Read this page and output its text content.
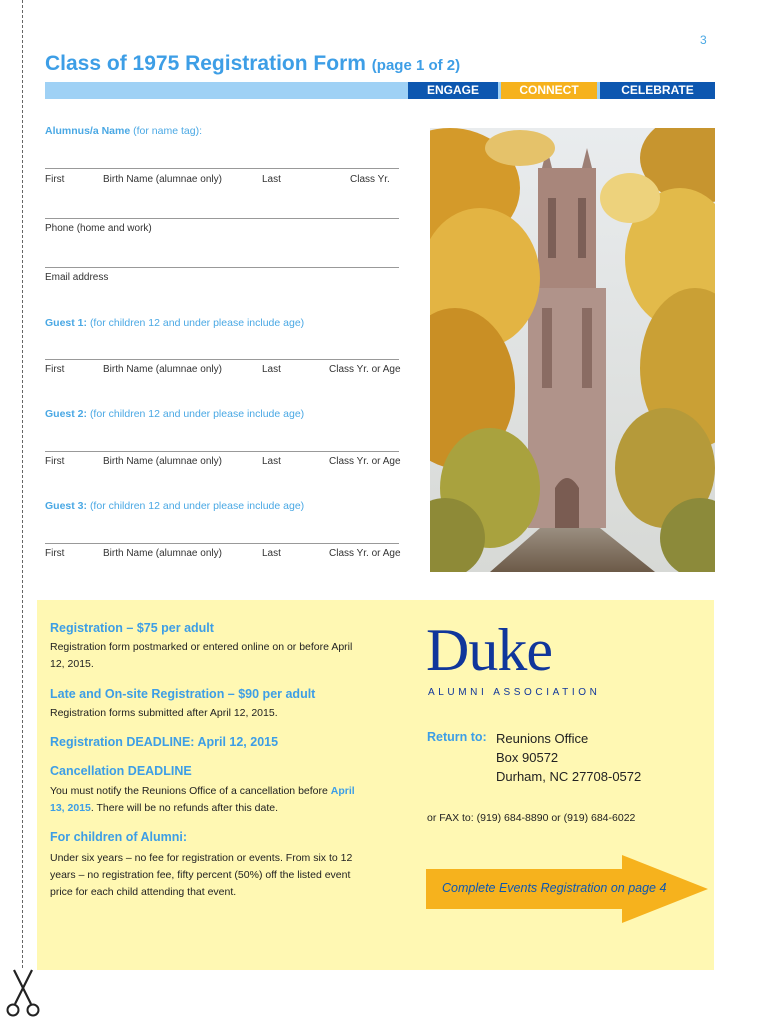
3
Class of 1975 Registration Form (page 1 of 2)
ENGAGE	CONNECT	CELEBRATE
Alumnus/a Name (for name tag):
First	Birth Name (alumnae only)	Last	Class Yr.
Phone (home and work)
Email address
Guest 1: (for children 12 and under please include age)
First	Birth Name (alumnae only)	Last	Class Yr. or Age
Guest 2: (for children 12 and under please include age)
First	Birth Name (alumnae only)	Last	Class Yr. or Age
Guest 3: (for children 12 and under please include age)
First	Birth Name (alumnae only)	Last	Class Yr. or Age
Registration – $75 per adult
Registration form postmarked or entered online on or before April 12, 2015.
Late and On-site Registration – $90 per adult
Registration forms submitted after April 12, 2015.
Registration DEADLINE: April 12, 2015
Cancellation DEADLINE
You must notify the Reunions Office of a cancellation before April 13, 2015. There will be no refunds after this date.
For children of Alumni:
Under six years – no fee for registration or events. From six to 12 years – no registration fee, fifty percent (50%) off the listed event price for each child attending that event.
Duke
ALUMNI ASSOCIATION
Return to: Reunions Office
Box 90572
Durham, NC 27708-0572
or FAX to: (919) 684-8890 or (919) 684-6022
Complete Events Registration on page 4
